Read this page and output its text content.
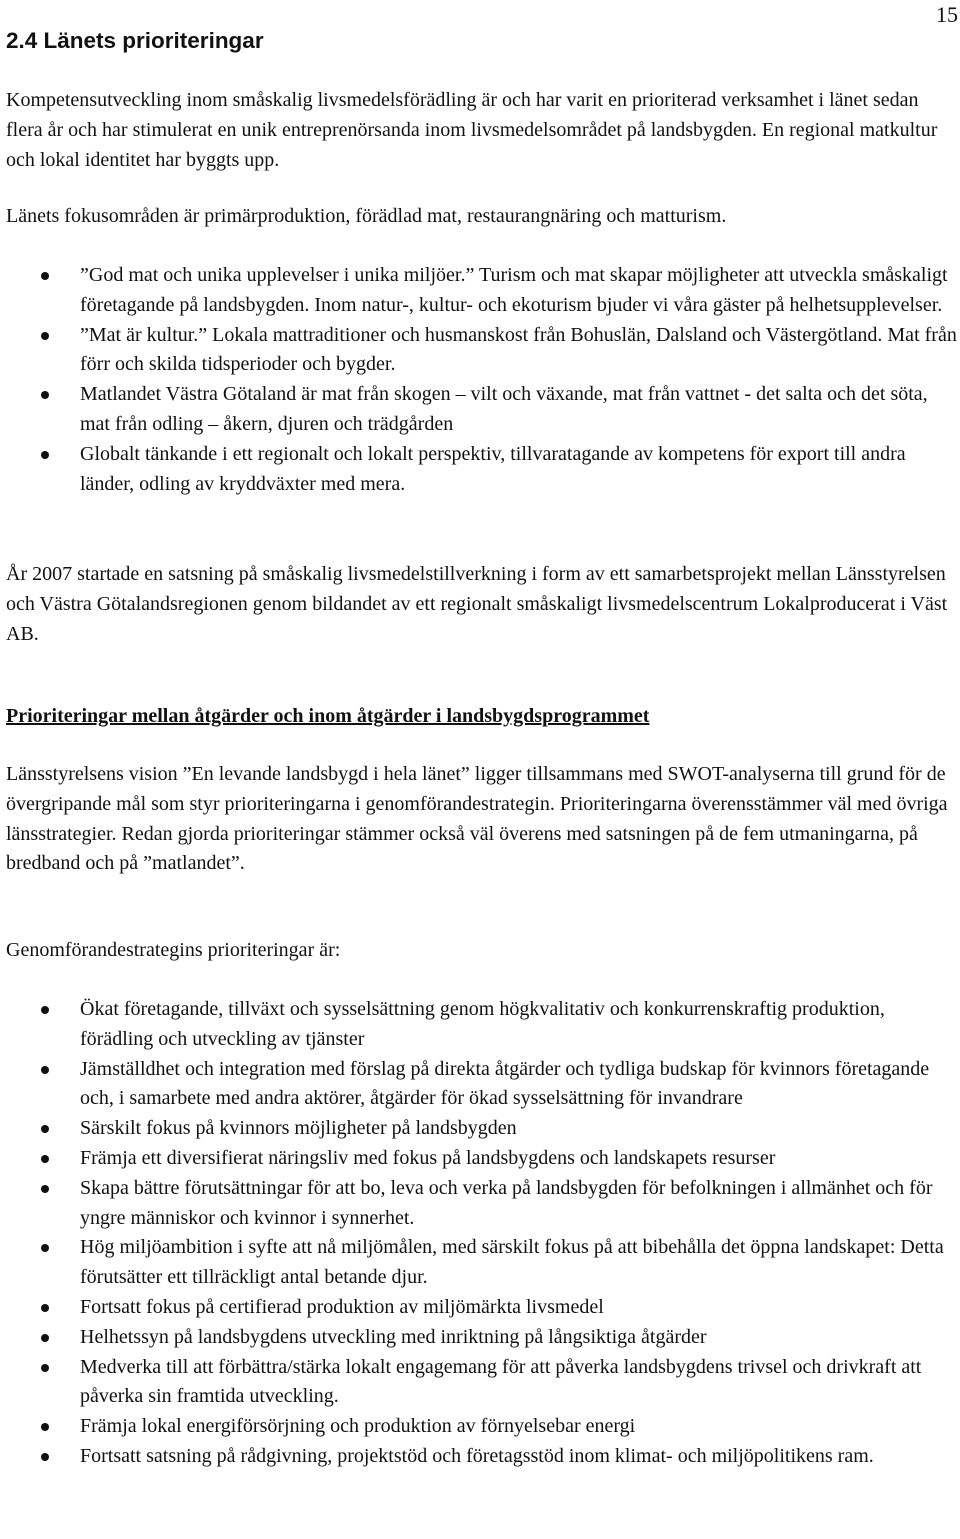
15
2.4 Länets prioriteringar

Kompetensutveckling inom småskalig livsmedelsförädling är och har varit en prioriterad verksamhet i länet sedan flera år och har stimulerat en unik entreprenörsanda inom livsmedelsområdet på landsbygden. En regional matkultur och lokal identitet har byggts upp.

Länets fokusområden är primärproduktion, förädlad mat, restaurangnäring och matturism.

”God mat och unika upplevelser i unika miljöer.” Turism och mat skapar möjligheter att utveckla småskaligt företagande på landsbygden. Inom natur-, kultur- och ekoturism bjuder vi våra gäster på helhetsupplevelser.
”Mat är kultur.” Lokala mattraditioner och husmanskost från Bohuslän, Dalsland och Västergötland. Mat från förr och skilda tidsperioder och bygder.
Matlandet Västra Götaland är mat från skogen – vilt och växande, mat från vattnet - det salta och det söta, mat från odling – åkern, djuren och trädgården
Globalt tänkande i ett regionalt och lokalt perspektiv, tillvaratagande av kompetens för export till andra länder, odling av kryddväxter med mera.

År 2007 startade en satsning på småskalig livsmedelstillverkning i form av ett samarbetsprojekt mellan Länsstyrelsen och Västra Götalandsregionen genom bildandet av ett regionalt småskaligt livsmedelscentrum Lokalproducerat i Väst AB.

Prioriteringar mellan åtgärder och inom åtgärder i landsbygdsprogrammet

Länsstyrelsens vision ”En levande landsbygd i hela länet” ligger tillsammans med SWOT-analyserna till grund för de övergripande mål som styr prioriteringarna i genomförandestrategin. Prioriteringarna överensstämmer väl med övriga länsstrategier. Redan gjorda prioriteringar stämmer också väl överens med satsningen på de fem utmaningarna, på bredband och på ”matlandet”.

Genomförandestrategins prioriteringar är:

Ökat företagande, tillväxt och sysselsättning genom högkvalitativ och konkurrenskraftig produktion, förädling och utveckling av tjänster
Jämställdhet och integration med förslag på direkta åtgärder och tydliga budskap för kvinnors företagande och, i samarbete med andra aktörer, åtgärder för ökad sysselsättning för invandrare
Särskilt fokus på kvinnors möjligheter på landsbygden
Främja ett diversifierat näringsliv med fokus på landsbygdens och landskapets resurser
Skapa bättre förutsättningar för att bo, leva och verka på landsbygden för befolkningen i allmänhet och för yngre människor och kvinnor i synnerhet.
Hög miljöambition i syfte att nå miljömålen, med särskilt fokus på att bibehålla det öppna landskapet: Detta förutsätter ett tillräckligt antal betande djur.
Fortsatt fokus på certifierad produktion av miljömärkta livsmedel
Helhetssyn på landsbygdens utveckling med inriktning på långsiktiga åtgärder
Medverka till att förbättra/stärka lokalt engagemang för att påverka landsbygdens trivsel och drivkraft att påverka sin framtida utveckling.
Främja lokal energiförsörjning och produktion av förnyelsebar energi
Fortsatt satsning på rådgivning, projektstöd och företagsstöd inom klimat- och miljöpolitikens ram.
